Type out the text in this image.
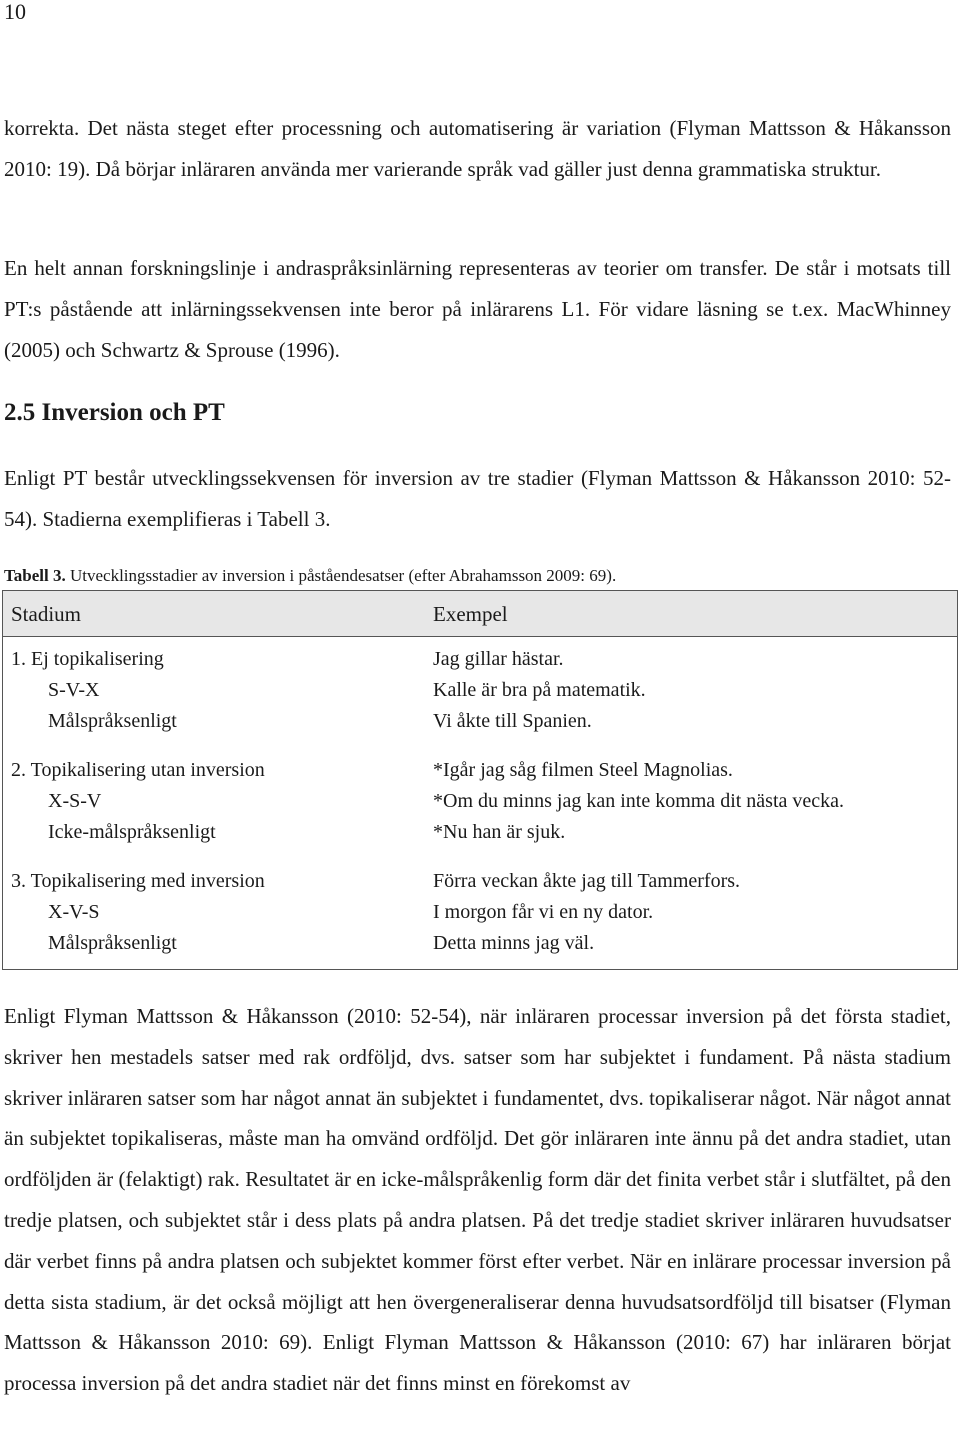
10

korrekta. Det nästa steget efter processning och automatisering är variation (Flyman Mattsson & Håkansson 2010: 19). Då börjar inläraren använda mer varierande språk vad gäller just denna grammatiska struktur.

En helt annan forskningslinje i andraspråksinlärning representeras av teorier om transfer. De står i motsats till PT:s påstående att inlärningssekvensen inte beror på inlärarens L1. För vidare läsning se t.ex. MacWhinney (2005) och Schwartz & Sprouse (1996).

2.5 Inversion och PT

Enligt PT består utvecklingssekvensen för inversion av tre stadier (Flyman Mattsson & Håkansson 2010: 52-54). Stadierna exemplifieras i Tabell 3.

Tabell 3. Utvecklingsstadier av inversion i påståendesatser (efter Abrahamsson 2009: 69).

Stadium	Exempel
1. Ej topikalisering
S-V-X
Målspråksenligt
Jag gillar hästar.
Kalle är bra på matematik.
Vi åkte till Spanien.
2. Topikalisering utan inversion
X-S-V
Icke-målspråksenligt
*Igår jag såg filmen Steel Magnolias.
*Om du minns jag kan inte komma dit nästa vecka.
*Nu han är sjuk.
3. Topikalisering med inversion
X-V-S
Målspråksenligt
Förra veckan åkte jag till Tammerfors.
I morgon får vi en ny dator.
Detta minns jag väl.

Enligt Flyman Mattsson & Håkansson (2010: 52-54), när inläraren processar inversion på det första stadiet, skriver hen mestadels satser med rak ordföljd, dvs. satser som har subjektet i fundament. På nästa stadium skriver inläraren satser som har något annat än subjektet i fundamentet, dvs. topikaliserar något. När något annat än subjektet topikaliseras, måste man ha omvänd ordföljd. Det gör inläraren inte ännu på det andra stadiet, utan ordföljden är (felaktigt) rak. Resultatet är en icke-målspråkenlig form där det finita verbet står i slutfältet, på den tredje platsen, och subjektet står i dess plats på andra platsen. På det tredje stadiet skriver inläraren huvudsatser där verbet finns på andra platsen och subjektet kommer först efter verbet. När en inlärare processar inversion på detta sista stadium, är det också möjligt att hen övergeneraliserar denna huvudsatsordföljd till bisatser (Flyman Mattsson & Håkansson 2010: 69). Enligt Flyman Mattsson & Håkansson (2010: 67) har inläraren börjat processa inversion på det andra stadiet när det finns minst en förekomst av
